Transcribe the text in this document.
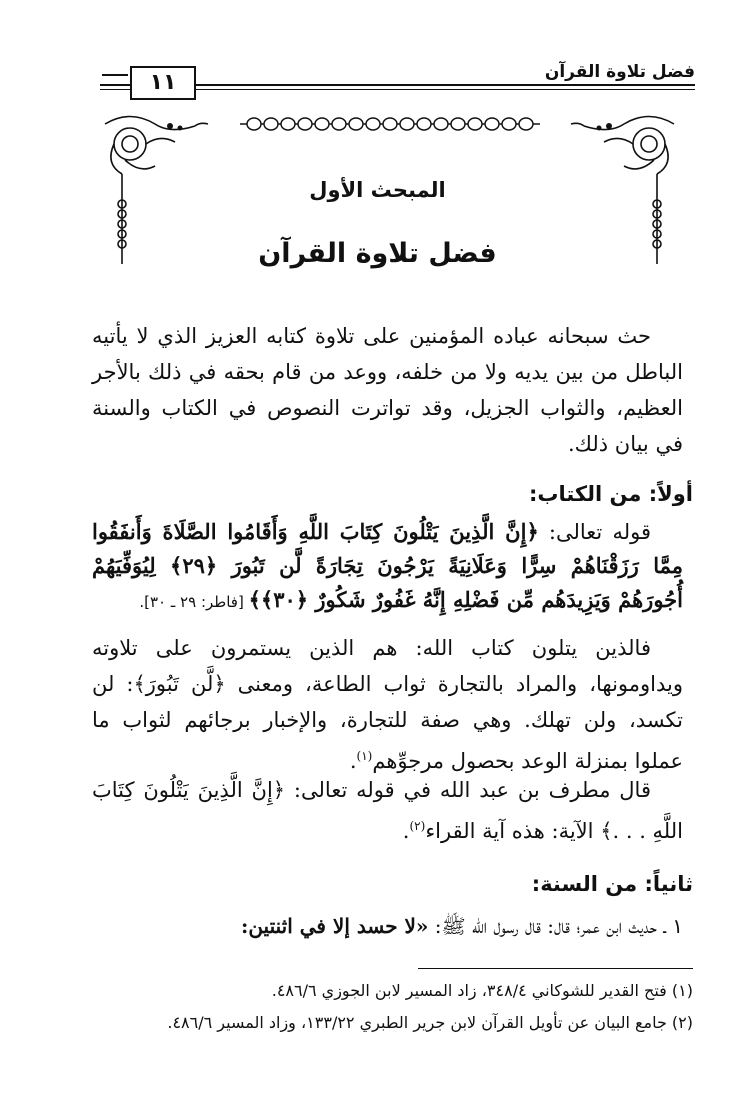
فضل تلاوة القرآن
١١
المبحث الأول
فضل تلاوة القرآن
حث سبحانه عباده المؤمنين على تلاوة كتابه العزيز الذي لا يأتيه الباطل من بين يديه ولا من خلفه، ووعد من قام بحقه في ذلك بالأجر العظيم، والثواب الجزيل، وقد تواترت النصوص في الكتاب والسنة في بيان ذلك.
أولاً: من الكتاب:
قوله تعالى: ﴿إِنَّ الَّذِينَ يَتْلُونَ كِتَابَ اللَّهِ وَأَقَامُوا الصَّلَاةَ وَأَنفَقُوا مِمَّا رَزَقْنَاهُمْ سِرًّا وَعَلَانِيَةً يَرْجُونَ تِجَارَةً لَّن تَبُورَ ﴿٢٩﴾ لِيُوَفِّيَهُمْ أُجُورَهُمْ وَيَزِيدَهُم مِّن فَضْلِهِ إِنَّهُ غَفُورٌ شَكُورٌ ﴿٣٠﴾﴾ [فاطر: ٢٩ ـ ٣٠].
فالذين يتلون كتاب الله: هم الذين يستمرون على تلاوته ويداومونها، والمراد بالتجارة ثواب الطاعة، ومعنى ﴿لَّن تَبُورَ﴾: لن تكسد، ولن تهلك. وهي صفة للتجارة، والإخبار برجائهم لثواب ما عملوا بمنزلة الوعد بحصول مرجوِّهم$^{(١)}$.
قال مطرف بن عبد الله في قوله تعالى: ﴿إِنَّ الَّذِينَ يَتْلُونَ كِتَابَ اللَّهِ . . .﴾ الآية: هذه آية القراء$^{(٢)}$.
ثانياً: من السنة:
١ ـ حديث ابن عمر؛ قال: قال رسول الله ﷺ: «لا حسد إلا في اثنتين:
(١) فتح القدير للشوكاني ٣٤٨/٤، زاد المسير لابن الجوزي ٤٨٦/٦.
(٢) جامع البيان عن تأويل القرآن لابن جرير الطبري ١٣٣/٢٢، وزاد المسير ٤٨٦/٦.
